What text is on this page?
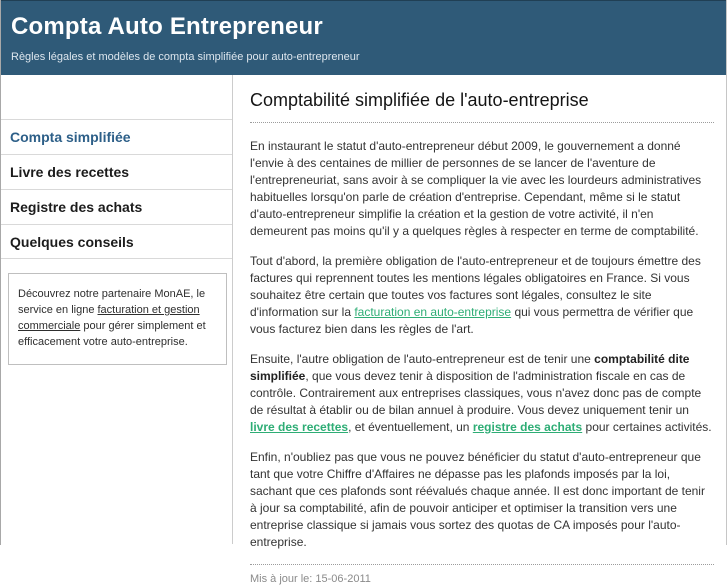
Compta Auto Entrepreneur

Règles légales et modèles de compta simplifiée pour auto-entrepreneur

Compta simplifiée
Livre des recettes
Registre des achats
Quelques conseils
Découvrez notre partenaire MonAE, le service en ligne facturation et gestion commerciale pour gérer simplement et efficacement votre auto-entreprise.
Comptabilité simplifiée de l'auto-entreprise

En instaurant le statut d'auto-entrepreneur début 2009, le gouvernement a donné l'envie à des centaines de millier de personnes de se lancer de l'aventure de l'entrepreneuriat, sans avoir à se compliquer la vie avec les lourdeurs administratives habituelles lorsqu'on parle de création d'entreprise. Cependant, même si le statut d'auto-entrepreneur simplifie la création et la gestion de votre activité, il n'en demeurent pas moins qu'il y a quelques règles à respecter en terme de comptabilité.

Tout d'abord, la première obligation de l'auto-entrepreneur et de toujours émettre des factures qui reprennent toutes les mentions légales obligatoires en France. Si vous souhaitez être certain que toutes vos factures sont légales, consultez le site d'information sur la facturation en auto-entreprise qui vous permettra de vérifier que vous facturez bien dans les règles de l'art.

Ensuite, l'autre obligation de l'auto-entrepreneur est de tenir une comptabilité dite simplifiée, que vous devez tenir à disposition de l'administration fiscale en cas de contrôle. Contrairement aux entreprises classiques, vous n'avez donc pas de compte de résultat à établir ou de bilan annuel à produire. Vous devez uniquement tenir un livre des recettes, et éventuellement, un registre des achats pour certaines activités.

Enfin, n'oubliez pas que vous ne pouvez bénéficier du statut d'auto-entrepreneur que tant que votre Chiffre d'Affaires ne dépasse pas les plafonds imposés par la loi, sachant que ces plafonds sont réévalués chaque année. Il est donc important de tenir à jour sa comptabilité, afin de pouvoir anticiper et optimiser la transition vers une entreprise classique si jamais vous sortez des quotas de CA imposés pour l'auto-entreprise.

Mis à jour le: 15-06-2011
